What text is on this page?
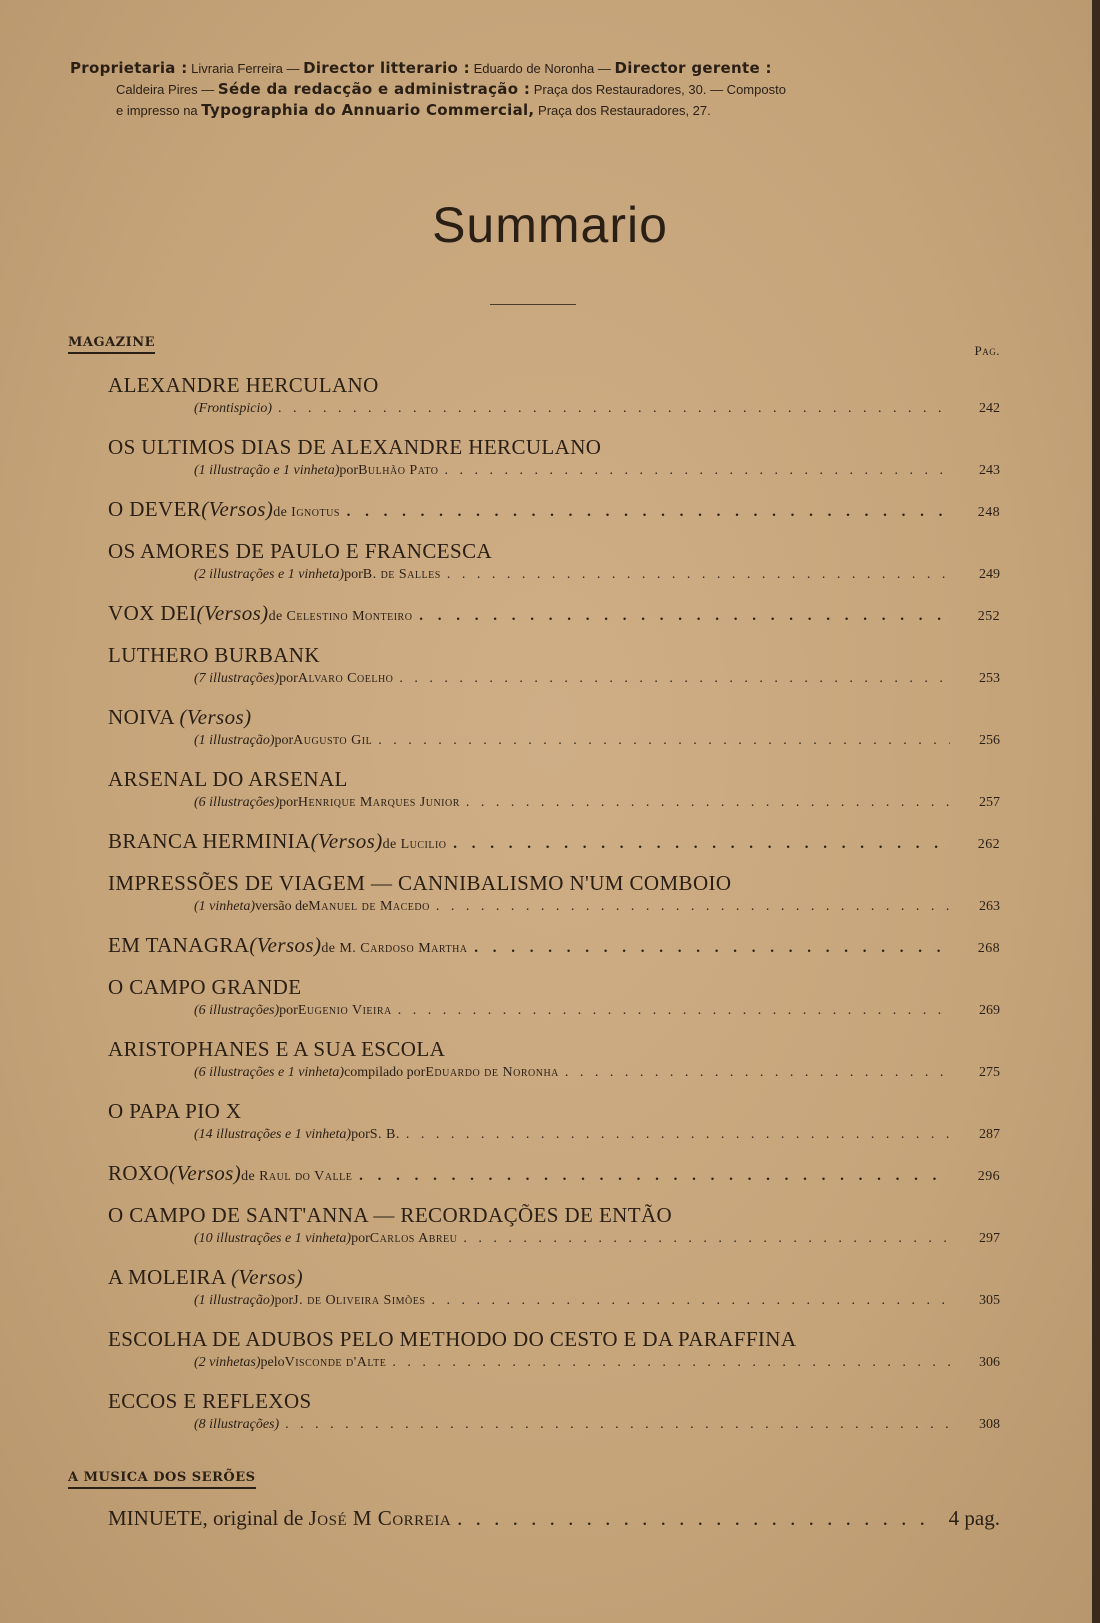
Proprietaria : Livraria Ferreira — Director litterario : Eduardo de Noronha — Director gerente :
Caldeira Pires — Séde da redacção e administração : Praça dos Restauradores, 30. — Composto
e impresso na Typographia do Annuario Commercial, Praça dos Restauradores, 27.
Summario
MAGAZINE
Pag.
ALEXANDRE HERCULANO
(Frontispicio) . . .	242
OS ULTIMOS DIAS DE ALEXANDRE HERCULANO
(1 illustração e 1 vinheta) por Bulhão Pato . . .	243
O DEVER (Versos) de Ignotus . . .	248
OS AMORES DE PAULO E FRANCESCA
(2 illustrações e 1 vinheta) por B. de Salles . . .	249
VOX DEI (Versos) de Celestino Monteiro . . .	252
LUTHERO BURBANK
(7 illustrações) por Alvaro Coelho . . .	253
NOIVA (Versos)
(1 illustração) por Augusto Gil . . .	256
ARSENAL DO ARSENAL
(6 illustrações) por Henrique Marques Junior . . .	257
BRANCA HERMINIA (Versos) de Lucilio . . .	262
IMPRESSÕES DE VIAGEM — CANNIBALISMO N'UM COMBOIO
(1 vinheta) versão de Manuel de Macedo . . .	263
EM TANAGRA (Versos) de M. Cardoso Martha . . .	268
O CAMPO GRANDE
(6 illustrações) por Eugenio Vieira . . .	269
ARISTOPHANES E A SUA ESCOLA
(6 illustrações e 1 vinheta) compilado por Eduardo de Noronha . . .	275
O PAPA PIO X
(14 illustrações e 1 vinheta) por S. B. . . .	287
ROXO (Versos) de Raul do Valle . . .	296
O CAMPO DE SANT'ANNA — RECORDAÇÕES DE ENTÃO
(10 illustrações e 1 vinheta) por Carlos Abreu . . .	297
A MOLEIRA (Versos)
(1 illustração) por J. de Oliveira Simões . . .	305
ESCOLHA DE ADUBOS PELO METHODO DO CESTO E DA PARAFFINA
(2 vinhetas) pelo Visconde d'Alte . . .	306
ECCOS E REFLEXOS
(8 illustrações) . . .	308
A MUSICA DOS SERÕES
MINUETE, original de
José M Correia . . .	4 pag.
